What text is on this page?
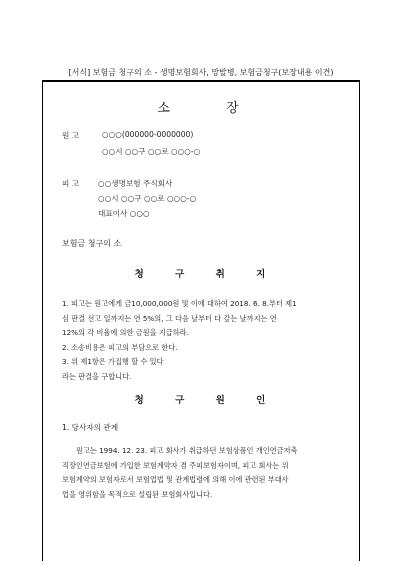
[서식] 보험금 청구의 소 - 생명보험회사, 망발병, 보험금청구(보장내용 이견)
소 장
원 고	○○○(000000-0000000)
○○시 ○○구 ○○로 ○○○-○
피 고 ○○생명보험 주식회사
○○시 ○○구 ○○로 ○○○-○
대표이사 ○○○
보험금 청구의 소
청 구 취 지
1. 피고는 원고에게 금10,000,000원 및 이에 대하여 2018. 6. 8.부터 제1
심 판결 선고 일까지는 연 5%의, 그 다음 날부터 다 갚는 날까지는 연
12%의 각 비율에 의한 금원을 지급하라.
2. 소송비용은 피고의 부담으로 한다.
3. 위 제1항은 가집행 할 수 있다
라는 판결을 구합니다.
청 구 원 인
1. 당사자의 관계
원고는 1994. 12. 23. 피고 회사가 취급하던 보험상품인 개인연금저축
직장인연금보험에 가입한 보험계약자 겸 주피보험자이며, 피고 회사는 위
보험계약의 보험자로서 보험업법 및 관계법령에 의해 이에 관련된 부대사
업을 영위함을 목적으로 설립된 보험회사입니다.
